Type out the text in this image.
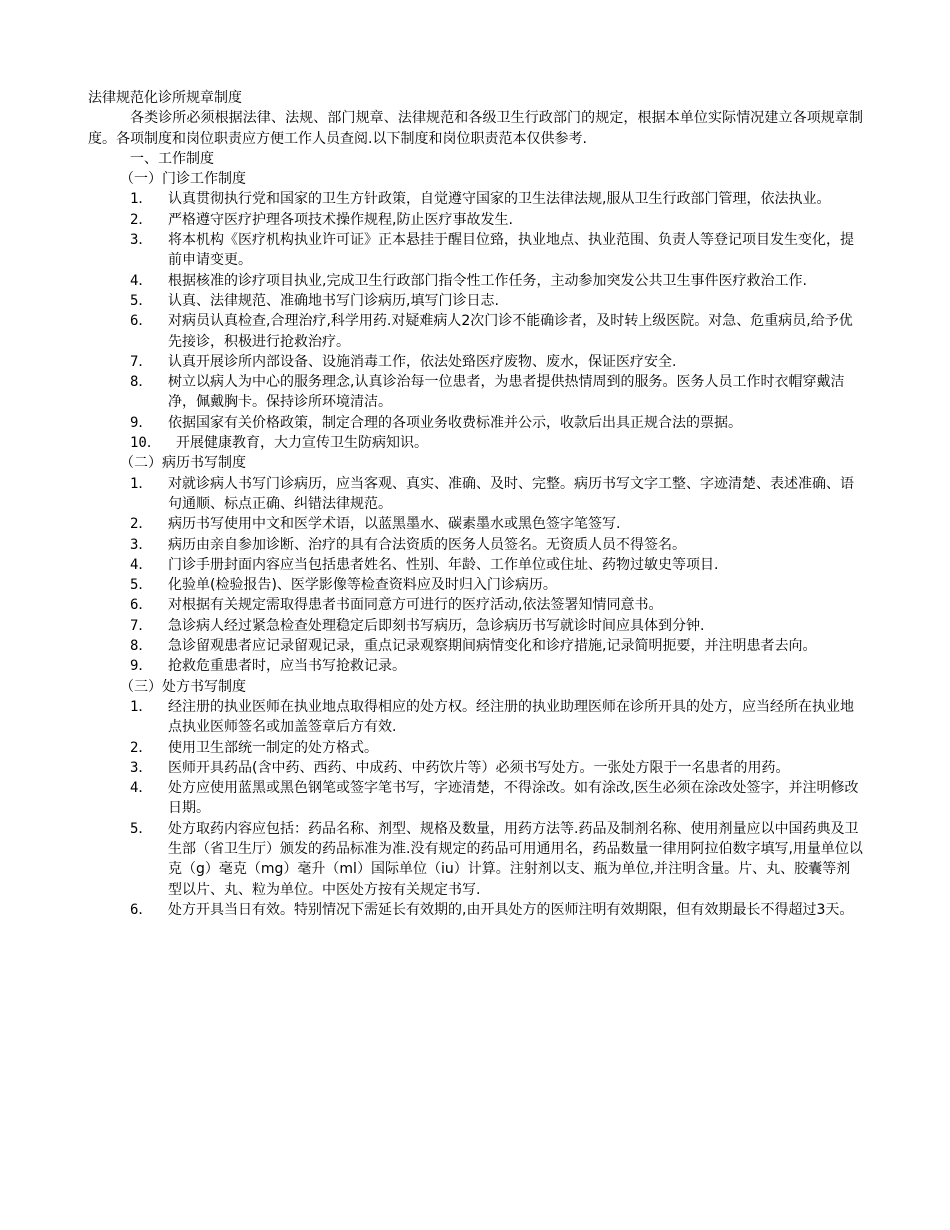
法律规范化诊所规章制度
各类诊所必须根据法律、法规、部门规章、法律规范和各级卫生行政部门的规定，根据本单位实际情况建立各项规章制度。各项制度和岗位职责应方便工作人员查阅.以下制度和岗位职责范本仅供参考.
一、工作制度
（一）门诊工作制度
1． 认真贯彻执行党和国家的卫生方针政策，自觉遵守国家的卫生法律法规,服从卫生行政部门管理，依法执业。
2． 严格遵守医疗护理各项技术操作规程,防止医疗事故发生.
3． 将本机构《医疗机构执业许可证》正本悬挂于醒目位臵，执业地点、执业范围、负责人等登记项目发生变化，提前申请变更。
4． 根据核准的诊疗项目执业,完成卫生行政部门指令性工作任务，主动参加突发公共卫生事件医疗救治工作.
5． 认真、法律规范、准确地书写门诊病历,填写门诊日志.
6． 对病员认真检查,合理治疗,科学用药.对疑难病人2次门诊不能确诊者，及时转上级医院。对急、危重病员,给予优先接诊，积极进行抢救治疗。
7． 认真开展诊所内部设备、设施消毒工作，依法处臵医疗废物、废水，保证医疗安全.
8． 树立以病人为中心的服务理念,认真诊治每一位患者，为患者提供热情周到的服务。医务人员工作时衣帽穿戴洁净，佩戴胸卡。保持诊所环境清洁。
9． 依据国家有关价格政策，制定合理的各项业务收费标准并公示，收款后出具正规合法的票据。
10．	开展健康教育，大力宣传卫生防病知识。
（二）病历书写制度
1． 对就诊病人书写门诊病历，应当客观、真实、准确、及时、完整。病历书写文字工整、字迹清楚、表述准确、语句通顺、标点正确、纠错法律规范。
2． 病历书写使用中文和医学术语，以蓝黑墨水、碳素墨水或黑色签字笔签写.
3． 病历由亲自参加诊断、治疗的具有合法资质的医务人员签名。无资质人员不得签名。
4． 门诊手册封面内容应当包括患者姓名、性别、年龄、工作单位或住址、药物过敏史等项目.
5． 化验单(检验报告)、医学影像等检查资料应及时归入门诊病历。
6． 对根据有关规定需取得患者书面同意方可进行的医疗活动,依法签署知情同意书。
7． 急诊病人经过紧急检查处理稳定后即刻书写病历，急诊病历书写就诊时间应具体到分钟.
8． 急诊留观患者应记录留观记录，重点记录观察期间病情变化和诊疗措施,记录简明扼要，并注明患者去向。
9． 抢救危重患者时，应当书写抢救记录。
（三）处方书写制度
1． 经注册的执业医师在执业地点取得相应的处方权。经注册的执业助理医师在诊所开具的处方，应当经所在执业地点执业医师签名或加盖签章后方有效.
2． 使用卫生部统一制定的处方格式。
3． 医师开具药品(含中药、西药、中成药、中药饮片等）必须书写处方。一张处方限于一名患者的用药。
4． 处方应使用蓝黑或黑色钢笔或签字笔书写，字迹清楚，不得涂改。如有涂改,医生必须在涂改处签字，并注明修改日期。
5． 处方取药内容应包括：药品名称、剂型、规格及数量，用药方法等.药品及制剂名称、使用剂量应以中国药典及卫生部（省卫生厅）颁发的药品标准为准.没有规定的药品可用通用名，药品数量一律用阿拉伯数字填写,用量单位以克（g）毫克（mg）毫升（ml）国际单位（iu）计算。注射剂以支、瓶为单位,并注明含量。片、丸、胶囊等剂型以片、丸、粒为单位。中医处方按有关规定书写.
6． 处方开具当日有效。特别情况下需延长有效期的,由开具处方的医师注明有效期限，但有效期最长不得超过3天。
